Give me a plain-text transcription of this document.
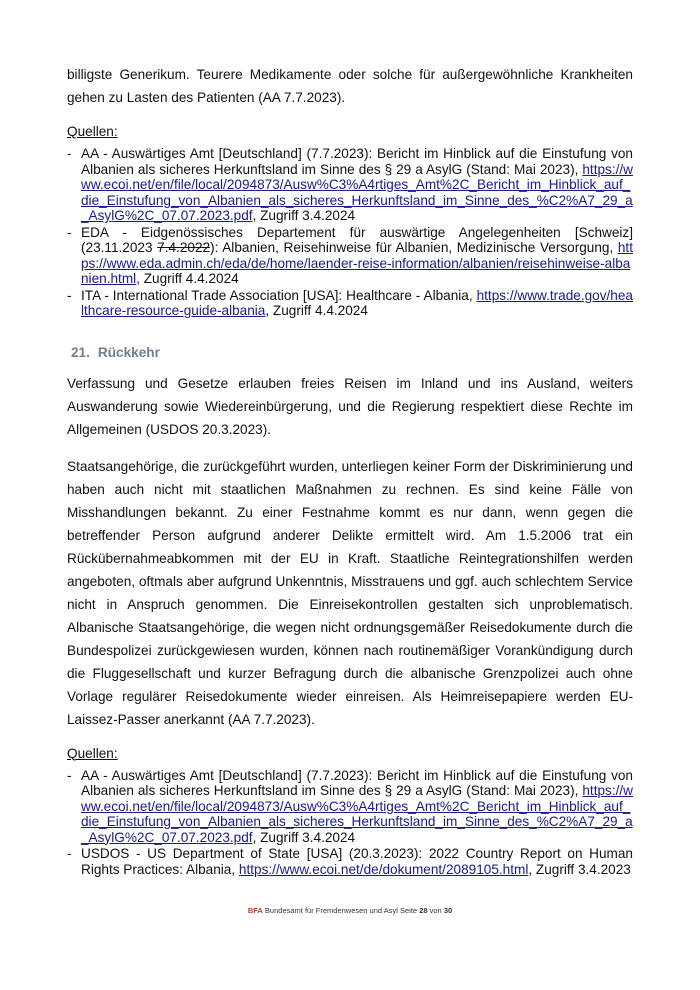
billigste Generikum. Teurere Medikamente oder solche für außergewöhnliche Krankheiten gehen zu Lasten des Patienten (AA 7.7.2023).

Quellen:
- AA - Auswärtiges Amt [Deutschland] (7.7.2023): Bericht im Hinblick auf die Einstufung von Albanien als sicheres Herkunftsland im Sinne des § 29 a AsylG (Stand: Mai 2023), https://www.ecoi.net/en/file/local/2094873/Ausw%C3%A4rtiges_Amt%2C_Bericht_im_Hinblick_auf_die_Einstufung_von_Albanien_als_sicheres_Herkunftsland_im_Sinne_des_%C2%A7_29_a_AsylG%2C_07.07.2023.pdf, Zugriff 3.4.2024
- EDA - Eidgenössisches Departement für auswärtige Angelegenheiten [Schweiz] (23.11.2023 7.4.2022): Albanien, Reisehinweise für Albanien, Medizinische Versorgung, https://www.eda.admin.ch/eda/de/home/laender-reise-information/albanien/reisehinweise-albanien.html, Zugriff 4.4.2024
- ITA - International Trade Association [USA]: Healthcare - Albania, https://www.trade.gov/healthcare-resource-guide-albania, Zugriff 4.4.2024
21. Rückkehr

Verfassung und Gesetze erlauben freies Reisen im Inland und ins Ausland, weiters Auswanderung sowie Wiedereinbürgerung, und die Regierung respektiert diese Rechte im Allgemeinen (USDOS 20.3.2023).

Staatsangehörige, die zurückgeführt wurden, unterliegen keiner Form der Diskriminierung und haben auch nicht mit staatlichen Maßnahmen zu rechnen. Es sind keine Fälle von Misshandlungen bekannt. Zu einer Festnahme kommt es nur dann, wenn gegen die betreffender Person aufgrund anderer Delikte ermittelt wird. Am 1.5.2006 trat ein Rückübernahmeabkommen mit der EU in Kraft. Staatliche Reintegrationshilfen werden angeboten, oftmals aber aufgrund Unkenntnis, Misstrauens und ggf. auch schlechtem Service nicht in Anspruch genommen. Die Einreisekontrollen gestalten sich unproblematisch. Albanische Staatsangehörige, die wegen nicht ordnungsgemäßer Reisedokumente durch die Bundespolizei zurückgewiesen wurden, können nach routinemäßiger Vorankündigung durch die Fluggesellschaft und kurzer Befragung durch die albanische Grenzpolizei auch ohne Vorlage regulärer Reisedokumente wieder einreisen. Als Heimreisepapiere werden EU-Laissez-Passer anerkannt (AA 7.7.2023).

Quellen:
- AA - Auswärtiges Amt [Deutschland] (7.7.2023): Bericht im Hinblick auf die Einstufung von Albanien als sicheres Herkunftsland im Sinne des § 29 a AsylG (Stand: Mai 2023), https://www.ecoi.net/en/file/local/2094873/Ausw%C3%A4rtiges_Amt%2C_Bericht_im_Hinblick_auf_die_Einstufung_von_Albanien_als_sicheres_Herkunftsland_im_Sinne_des_%C2%A7_29_a_AsylG%2C_07.07.2023.pdf, Zugriff 3.4.2024
- USDOS - US Department of State [USA] (20.3.2023): 2022 Country Report on Human Rights Practices: Albania, https://www.ecoi.net/de/dokument/2089105.html, Zugriff 3.4.2023
BFA Bundesamt für Fremdenwesen und Asyl Seite 28 von 30
